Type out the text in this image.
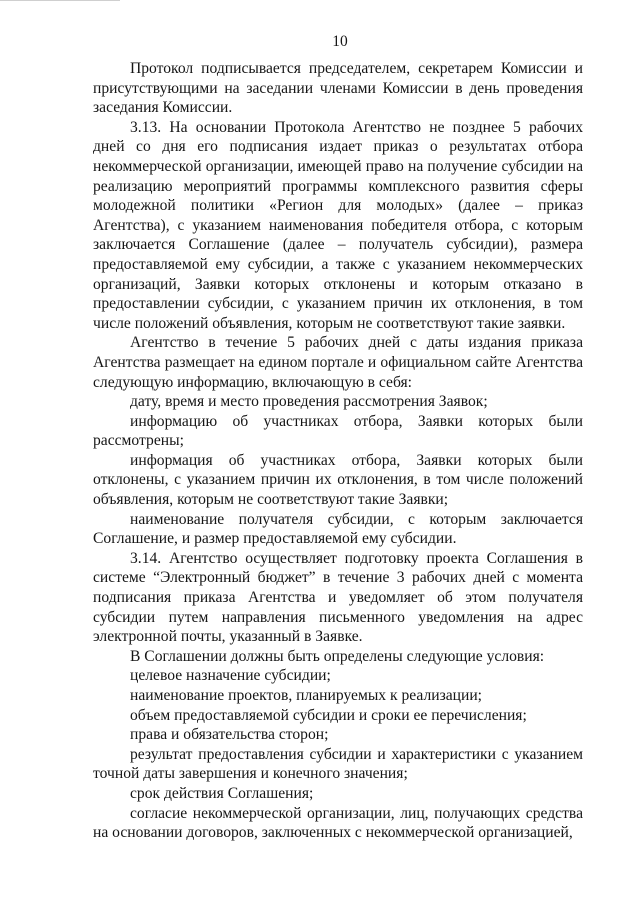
10

Протокол подписывается председателем, секретарем Комиссии и присутствующими на заседании членами Комиссии в день проведения заседания Комиссии.

3.13. На основании Протокола Агентство не позднее 5 рабочих дней со дня его подписания издает приказ о результатах отбора некоммерческой организации, имеющей право на получение субсидии на реализацию мероприятий программы комплексного развития сферы молодежной политики «Регион для молодых» (далее – приказ Агентства), с указанием наименования победителя отбора, с которым заключается Соглашение (далее – получатель субсидии), размера предоставляемой ему субсидии, а также с указанием некоммерческих организаций, Заявки которых отклонены и которым отказано в предоставлении субсидии, с указанием причин их отклонения, в том числе положений объявления, которым не соответствуют такие заявки.

Агентство в течение 5 рабочих дней с даты издания приказа Агентства размещает на едином портале и официальном сайте Агентства следующую информацию, включающую в себя:

дату, время и место проведения рассмотрения Заявок;

информацию об участниках отбора, Заявки которых были рассмотрены;

информация об участниках отбора, Заявки которых были отклонены, с указанием причин их отклонения, в том числе положений объявления, которым не соответствуют такие Заявки;

наименование получателя субсидии, с которым заключается Соглашение, и размер предоставляемой ему субсидии.

3.14. Агентство осуществляет подготовку проекта Соглашения в системе “Электронный бюджет” в течение 3 рабочих дней с момента подписания приказа Агентства и уведомляет об этом получателя субсидии путем направления письменного уведомления на адрес электронной почты, указанный в Заявке.

В Соглашении должны быть определены следующие условия:

целевое назначение субсидии;

наименование проектов, планируемых к реализации;

объем предоставляемой субсидии и сроки ее перечисления;

права и обязательства сторон;

результат предоставления субсидии и характеристики с указанием точной даты завершения и конечного значения;

срок действия Соглашения;

согласие некоммерческой организации, лиц, получающих средства на основании договоров, заключенных с некоммерческой организацией,
